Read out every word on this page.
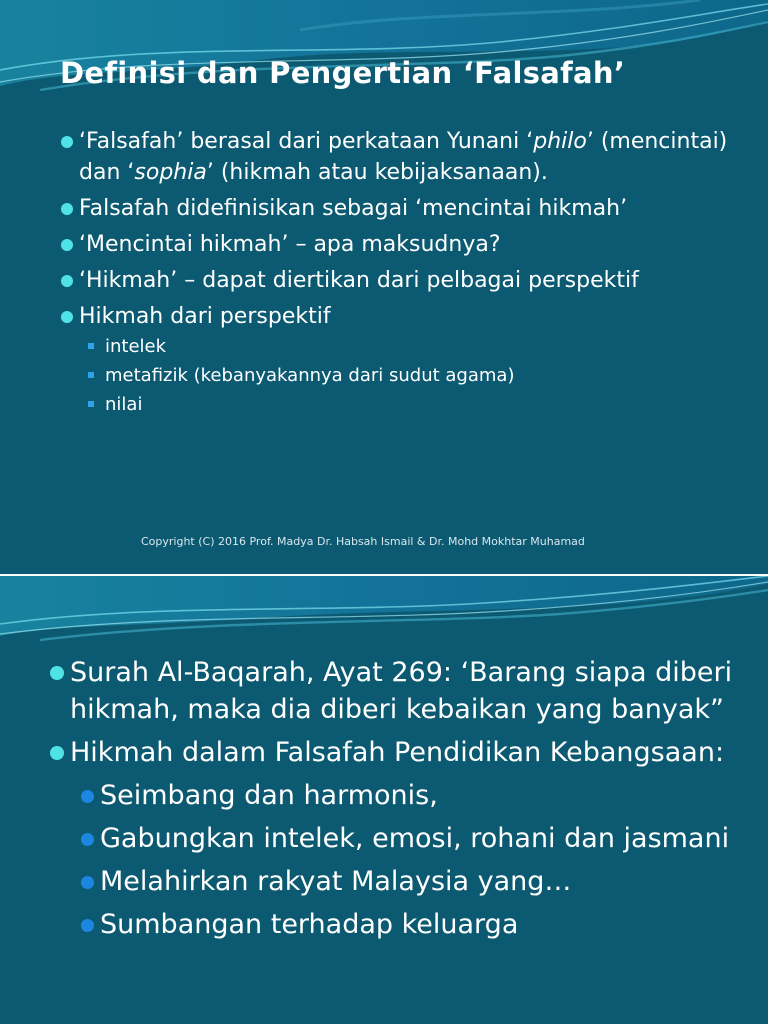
Definisi dan Pengertian ‘Falsafah’
‘Falsafah’ berasal dari perkataan Yunani ‘philo’ (mencintai) dan ‘sophia’ (hikmah atau kebijaksanaan).
Falsafah didefinisikan sebagai ‘mencintai hikmah’
‘Mencintai hikmah’ – apa maksudnya?
‘Hikmah’ – dapat diertikan dari pelbagai perspektif
Hikmah dari perspektif
intelek
metafizik (kebanyakannya dari sudut agama)
nilai
Copyright (C) 2016 Prof. Madya Dr. Habsah Ismail & Dr. Mohd Mokhtar Muhamad
Surah Al-Baqarah, Ayat 269: ‘Barang siapa diberi hikmah, maka dia diberi kebaikan yang banyak”
Hikmah dalam Falsafah Pendidikan Kebangsaan:
Seimbang dan harmonis,
Gabungkan intelek, emosi, rohani dan jasmani
Melahirkan rakyat Malaysia yang…
Sumbangan terhadap keluarga
